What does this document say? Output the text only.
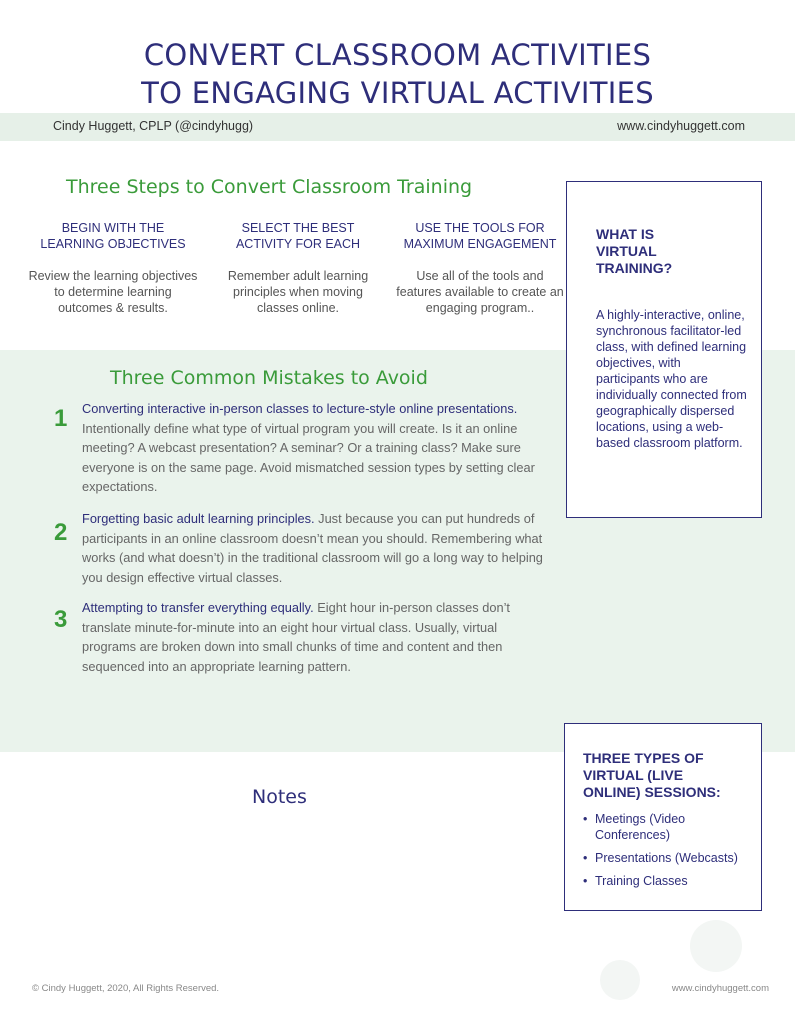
CONVERT CLASSROOM ACTIVITIES
TO ENGAGING VIRTUAL ACTIVITIES
Cindy Huggett, CPLP (@cindyhugg)	www.cindyhuggett.com
Three Steps to Convert Classroom Training
BEGIN WITH THE
LEARNING OBJECTIVES
Review the learning objectives to determine learning outcomes & results.
SELECT THE BEST
ACTIVITY FOR EACH
Remember adult learning principles when moving classes online.
USE THE TOOLS FOR
MAXIMUM ENGAGEMENT
Use all of the tools and features available to create an engaging program..
Three Common Mistakes to Avoid
1 Converting interactive in-person classes to lecture-style online presentations. Intentionally define what type of virtual program you will create. Is it an online meeting? A webcast presentation? A seminar? Or a training class? Make sure everyone is on the same page. Avoid mismatched session types by setting clear expectations.
2
Forgetting basic adult learning principles. Just because you can put hundreds of participants in an online classroom doesn’t mean you should. Remembering what works (and what doesn’t) in the traditional classroom will go a long way to helping you design effective virtual classes.
3 Attempting to transfer everything equally. Eight hour in-person classes don’t translate minute-for-minute into an eight hour virtual class. Usually, virtual programs are broken down into small chunks of time and content and then sequenced into an appropriate learning pattern.
WHAT IS
VIRTUAL
TRAINING?
A highly-interactive, online, synchronous facilitator-led class, with defined learning objectives, with participants who are individually connected from geographically dispersed locations, using a web-based classroom platform.
Notes
THREE TYPES OF
VIRTUAL (LIVE
ONLINE) SESSIONS:
• Meetings (Video Conferences)
• Presentations (Webcasts)
• Training Classes
© Cindy Huggett, 2020, All Rights Reserved.	www.cindyhuggett.com
